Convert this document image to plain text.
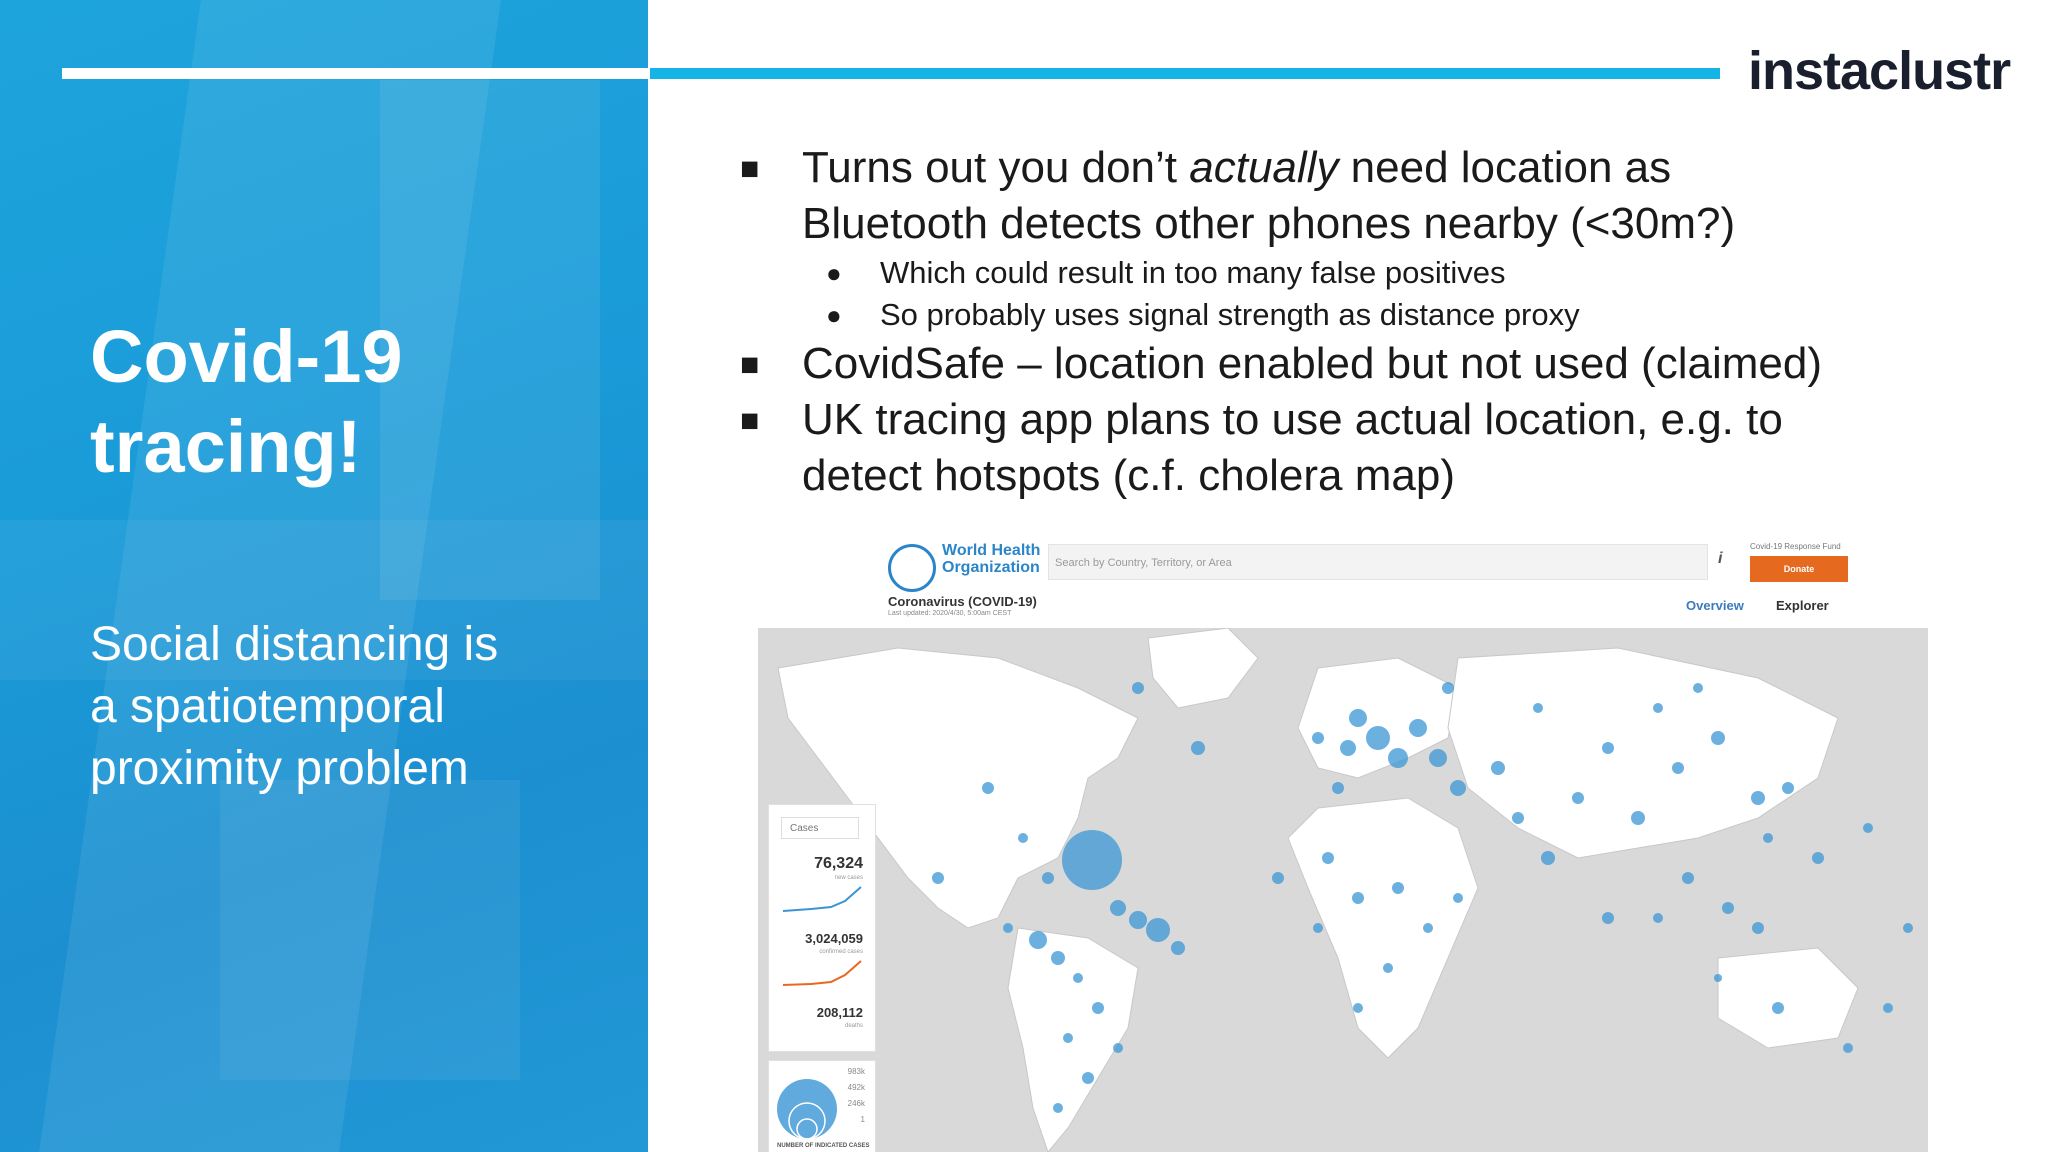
instaclustr
Covid-19
tracing!
Social distancing is
a spatiotemporal
proximity problem
■ Turns out you don’t actually need location as
Bluetooth detects other phones nearby (<30m?)
● Which could result in too many false positives
● So probably uses signal strength as distance proxy
■ CovidSafe – location enabled but not used (claimed)
■ UK tracing app plans to use actual location, e.g. to
detect hotspots (c.f. cholera map)
World Health
Organization	Search by Country, Territory, or Area	i
Covid-19 Response Fund
Donate
Coronavirus (COVID-19)
Last updated: 2020/4/30, 5:00am CEST
Overview Explorer
Cases
76,324
new cases
3,024,059
confirmed cases
208,112
deaths
983k
492k
246k
1
NUMBER OF INDICATED CASES
